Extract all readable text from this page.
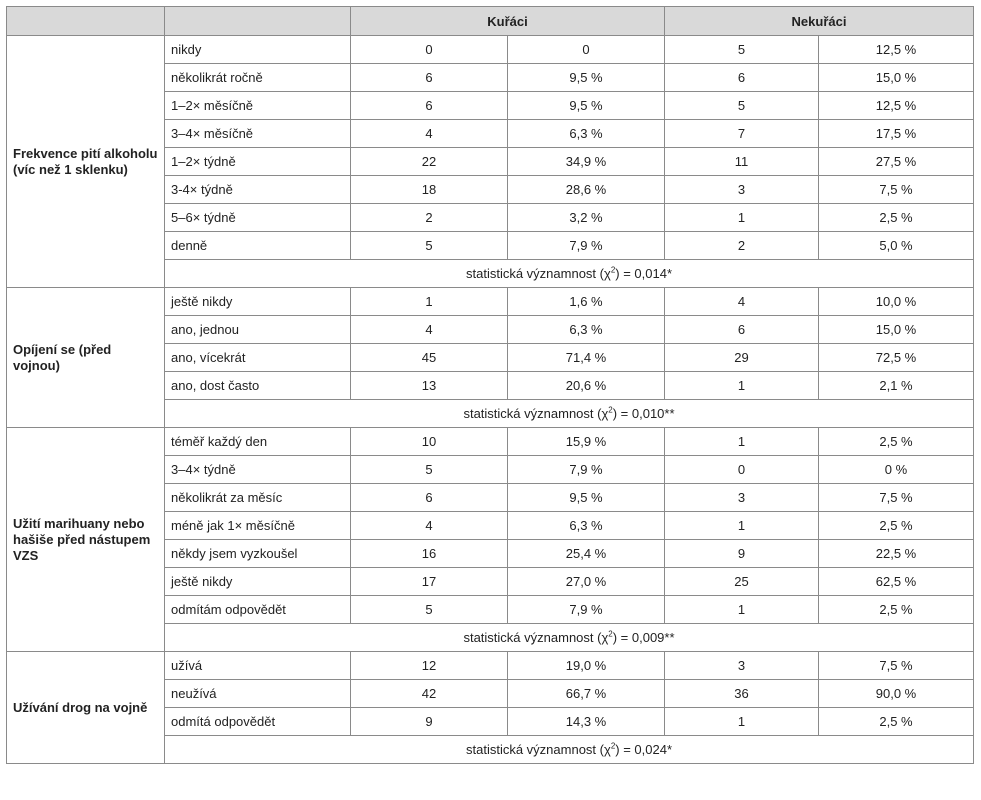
		Kuřáci		Nekuřáci	
Frekvence pití alkoholu (víc než 1 sklenku)	nikdy	0	0	5	12,5 %
	několikrát ročně	6	9,5 %	6	15,0 %
	1–2× měsíčně	6	9,5 %	5	12,5 %
	3–4× měsíčně	4	6,3 %	7	17,5 %
	1–2× týdně	22	34,9 %	11	27,5 %
	3-4× týdně	18	28,6 %	3	7,5 %
	5–6× týdně	2	3,2 %	1	2,5 %
	denně	5	7,9 %	2	5,0 %
	statistická významnost $(\chi^2) = 0,014*$				
Opíjení se (před vojnou)	ještě nikdy	1	1,6 %	4	10,0 %
	ano, jednou	4	6,3 %	6	15,0 %
	ano, vícekrát	45	71,4 %	29	72,5 %
	ano, dost často	13	20,6 %	1	2,1 %
	statistická významnost $(\chi^2) = 0,010**$				
Užití marihuany nebo hašiše před nástupem VZS	téměř každý den	10	15,9 %	1	2,5 %
	3–4× týdně	5	7,9 %	0	0 %
	několikrát za měsíc	6	9,5 %	3	7,5 %
	méně jak 1× měsíčně	4	6,3 %	1	2,5 %
	někdy jsem vyzkoušel	16	25,4 %	9	22,5 %
	ještě nikdy	17	27,0 %	25	62,5 %
	odmítám odpovědět	5	7,9 %	1	2,5 %
	statistická významnost $(\chi^2) = 0,009**$				
Užívání drog na vojně	užívá	12	19,0 %	3	7,5 %
	neužívá	42	66,7 %	36	90,0 %
	odmítá odpovědět	9	14,3 %	1	2,5 %
	statistická významnost $(\chi^2) = 0,024*$				
